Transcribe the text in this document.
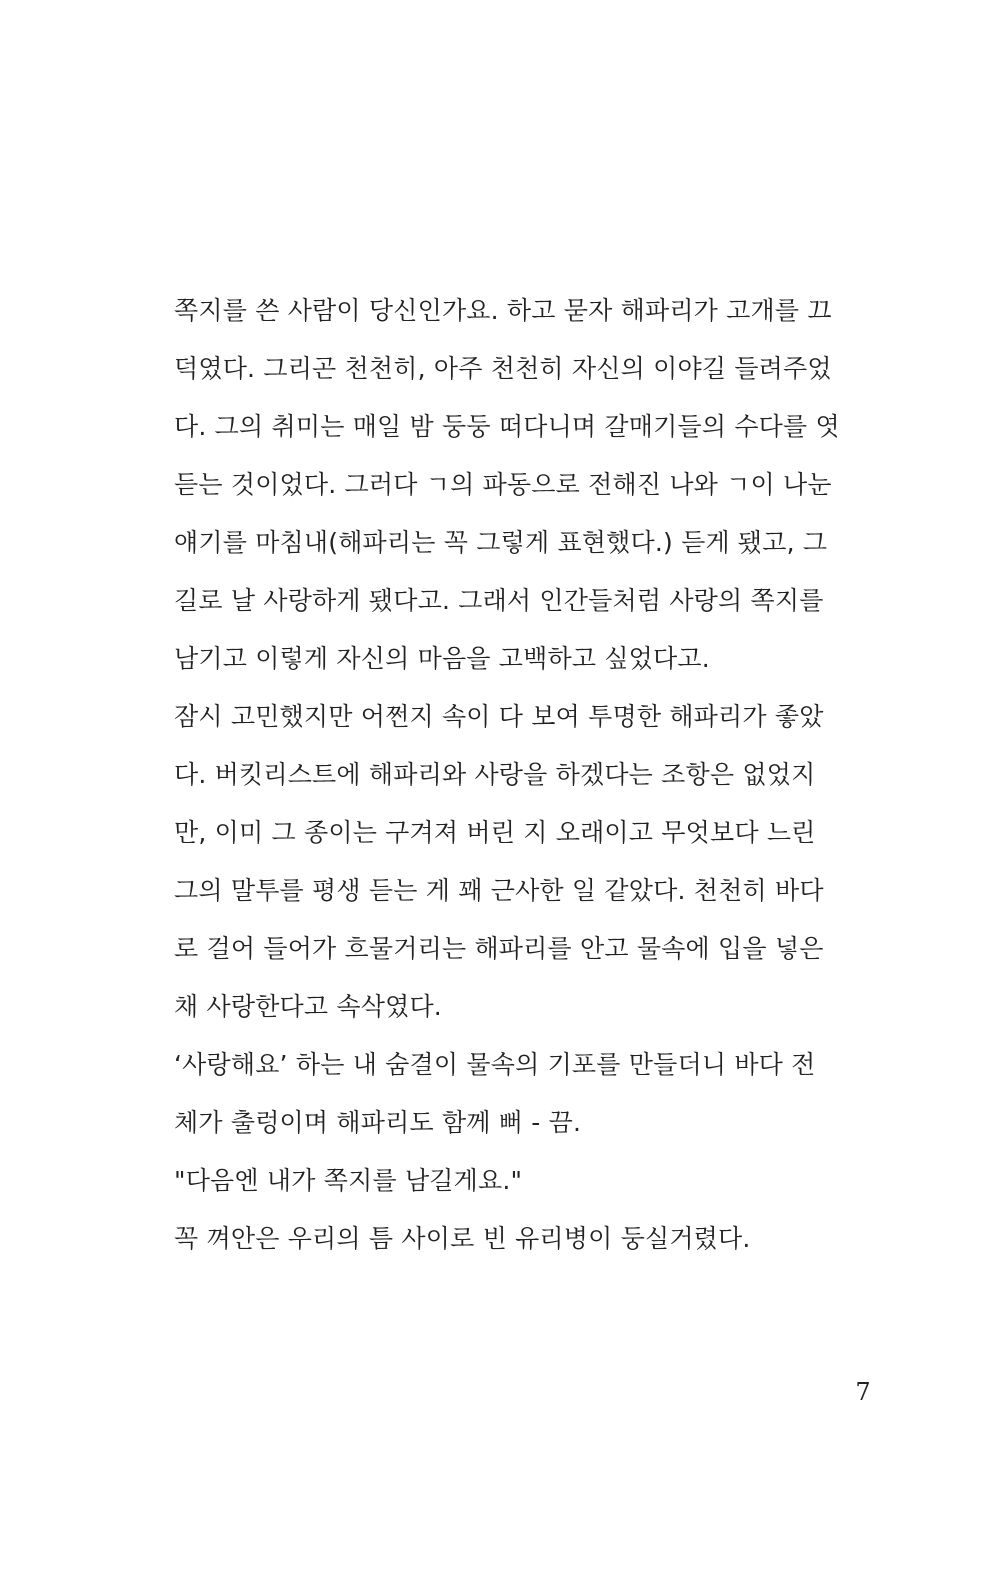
쪽지를 쓴 사람이 당신인가요. 하고 묻자 해파리가 고개를 끄
덕였다. 그리곤 천천히, 아주 천천히 자신의 이야길 들려주었
다. 그의 취미는 매일 밤 둥둥 떠다니며 갈매기들의 수다를 엿
듣는 것이었다. 그러다 ㄱ의 파동으로 전해진 나와 ㄱ이 나눈
얘기를 마침내(해파리는 꼭 그렇게 표현했다.) 듣게 됐고, 그
길로 날 사랑하게 됐다고. 그래서 인간들처럼 사랑의 쪽지를
남기고 이렇게 자신의 마음을 고백하고 싶었다고.
잠시 고민했지만 어쩐지 속이 다 보여 투명한 해파리가 좋았
다. 버킷리스트에 해파리와 사랑을 하겠다는 조항은 없었지
만, 이미 그 종이는 구겨져 버린 지 오래이고 무엇보다 느린
그의 말투를 평생 듣는 게 꽤 근사한 일 같았다. 천천히 바다
로 걸어 들어가 흐물거리는 해파리를 안고 물속에 입을 넣은
채 사랑한다고 속삭였다.
‘사랑해요’ 하는 내 숨결이 물속의 기포를 만들더니 바다 전
체가 출렁이며 해파리도 함께 뻐 - 끔.
"다음엔 내가 쪽지를 남길게요."
꼭 껴안은 우리의 틈 사이로 빈 유리병이 둥실거렸다.
7
